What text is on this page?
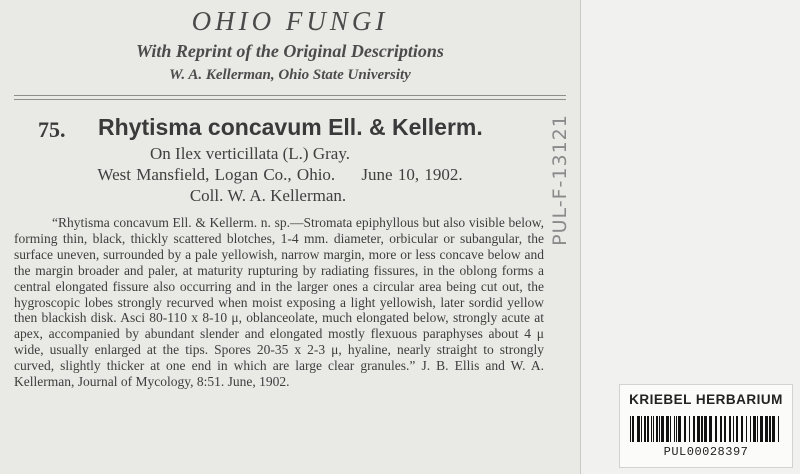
OHIO FUNGI
With Reprint of the Original Descriptions
W. A. Kellerman, Ohio State University
75. Rhytisma concavum Ell. & Kellerm.
On Ilex verticillata (L.) Gray.
West Mansfield, Logan Co., Ohio.     June 10, 1902.
Coll. W. A. Kellerman.

“Rhytisma concavum Ell. & Kellerm. n. sp.—Stromata epiphyllous but also visible below, forming thin, black, thickly scattered blotches, 1-4 mm. diameter, orbicular or subangular, the surface uneven, surrounded by a pale yellowish, narrow margin, more or less concave below and the margin broader and paler, at maturity rupturing by radiating fissures, in the oblong forms a central elongated fissure also occurring and in the larger ones a circular area being cut out, the hygroscopic lobes strongly recurved when moist exposing a light yellowish, later sordid yellow then blackish disk. Asci 80-110 x 8-10 μ, oblanceolate, much elongated below, strongly acute at apex, accompanied by abundant slender and elongated mostly flexuous paraphyses about 4 μ wide, usually enlarged at the tips. Spores 20-35 x 2-3 μ, hyaline, nearly straight to strongly curved, slightly thicker at one end in which are large clear granules.” J. B. Ellis and W. A. Kellerman, Journal of Mycology, 8:51. June, 1902.

PUL-F-13121
KRIEBEL HERBARIUM
PUL00028397
